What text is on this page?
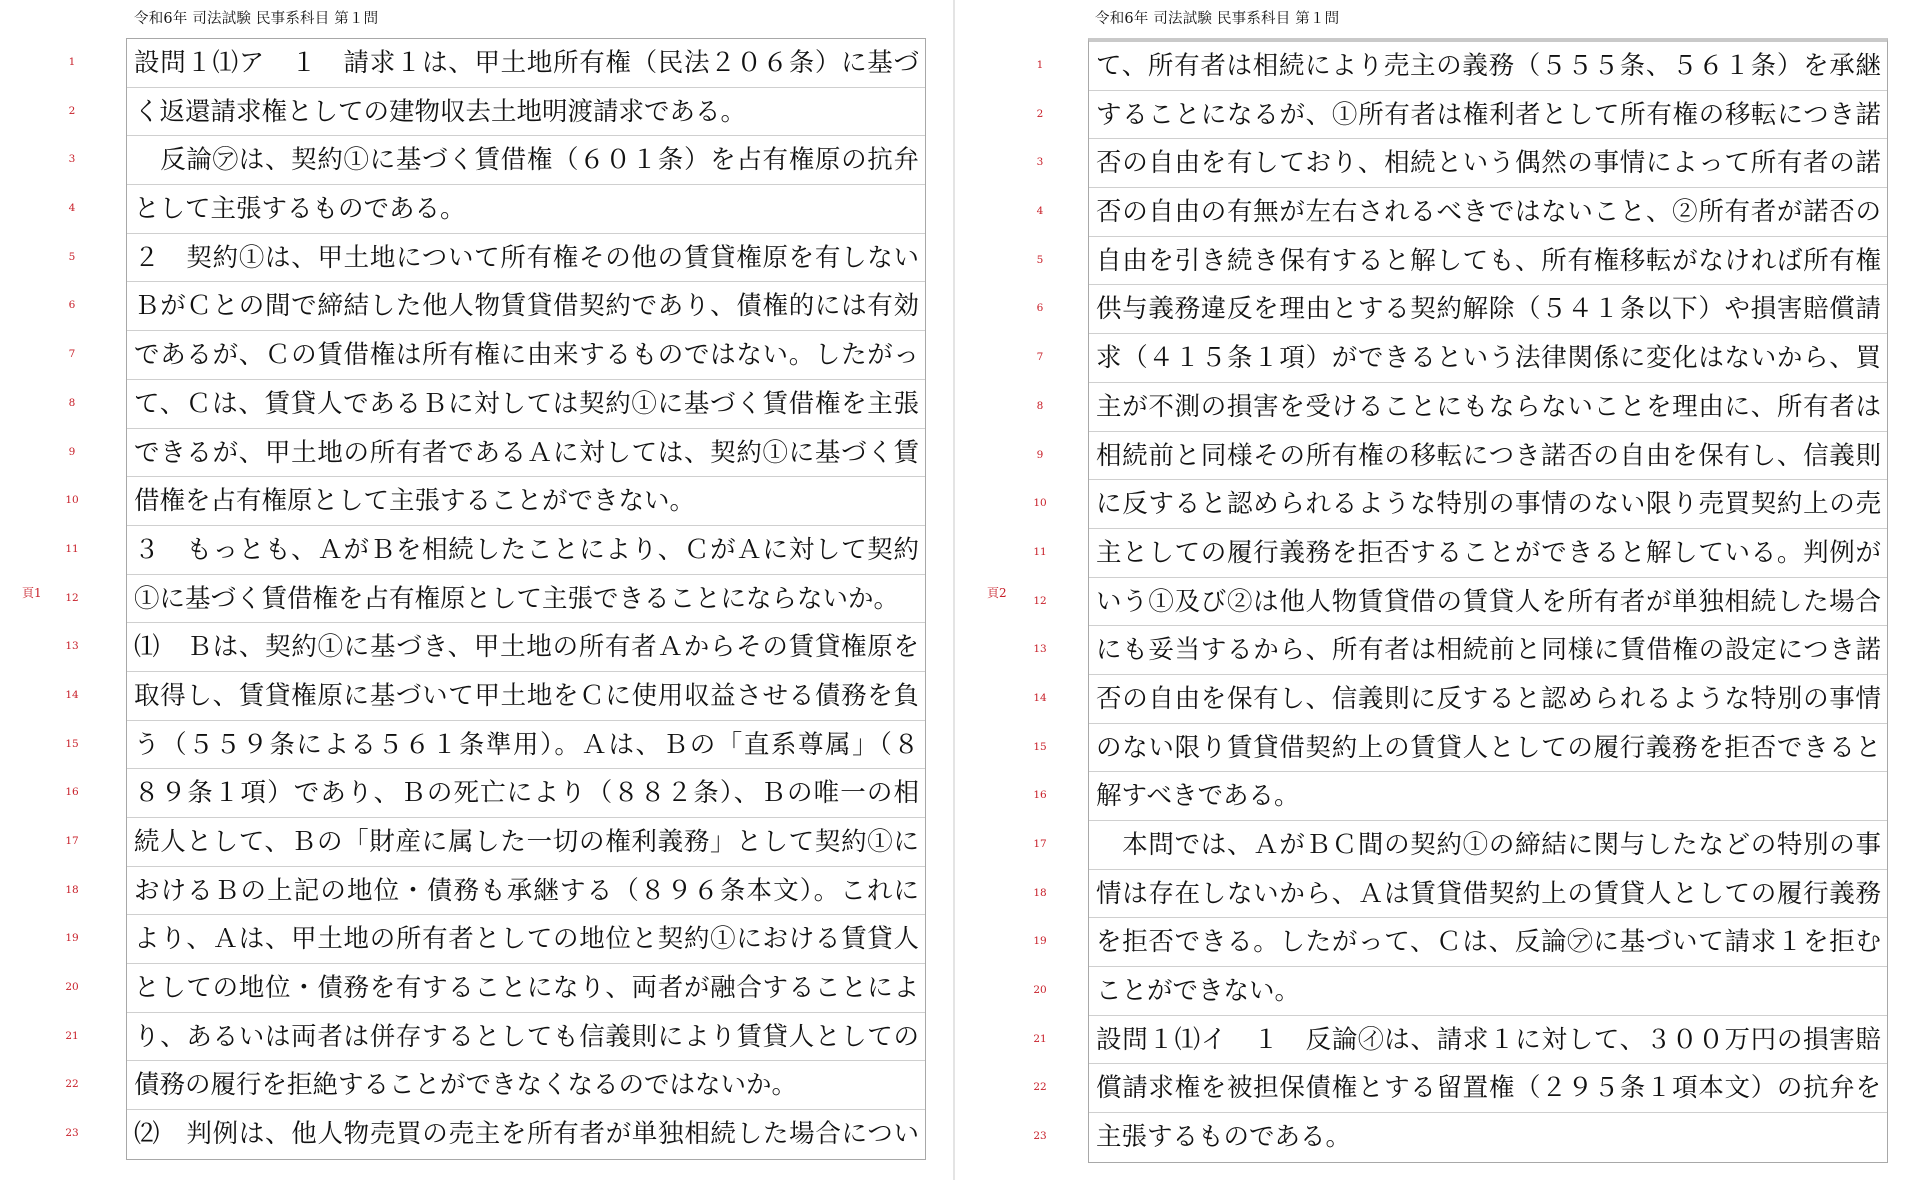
令和6年 司法試験 民事系科目 第１問
頁1
1	設問１⑴ア　１　請求１は、甲土地所有権（民法２０６条）に基づ
2	く返還請求権としての建物収去土地明渡請求である。
3	　反論㋐は、契約①に基づく賃借権（６０１条）を占有権原の抗弁
4	として主張するものである。
5	２　契約①は、甲土地について所有権その他の賃貸権原を有しない
6	ＢがＣとの間で締結した他人物賃貸借契約であり、債権的には有効
7	であるが、Ｃの賃借権は所有権に由来するものではない。したがっ
8	て、Ｃは、賃貸人であるＢに対しては契約①に基づく賃借権を主張
9	できるが、甲土地の所有者であるＡに対しては、契約①に基づく賃
10 借権を占有権原として主張することができない。
11 ３　もっとも、ＡがＢを相続したことにより、ＣがＡに対して契約
12 ①に基づく賃借権を占有権原として主張できることにならないか。
13 ⑴　Ｂは、契約①に基づき、甲土地の所有者Ａからその賃貸権原を
14 取得し、賃貸権原に基づいて甲土地をＣに使用収益させる債務を負
15 う（５５９条による５６１条準用）。Ａは、Ｂの「直系尊属」（８
16 ８９条１項）であり、Ｂの死亡により（８８２条）、Ｂの唯一の相
17 続人として、Ｂの「財産に属した一切の権利義務」として契約①に
18 おけるＢの上記の地位・債務も承継する（８９６条本文）。これに
19 より、Ａは、甲土地の所有者としての地位と契約①における賃貸人
20 としての地位・債務を有することになり、両者が融合することによ
21 り、あるいは両者は併存するとしても信義則により賃貸人としての
22 債務の履行を拒絶することができなくなるのではないか。
23 ⑵　判例は、他人物売買の売主を所有者が単独相続した場合につい
令和6年 司法試験 民事系科目 第１問
頁2
1	て、所有者は相続により売主の義務（５５５条、５６１条）を承継
2	することになるが、①所有者は権利者として所有権の移転につき諾
3	否の自由を有しており、相続という偶然の事情によって所有者の諾
4	否の自由の有無が左右されるべきではないこと、②所有者が諾否の
5	自由を引き続き保有すると解しても、所有権移転がなければ所有権
6	供与義務違反を理由とする契約解除（５４１条以下）や損害賠償請
7	求（４１５条１項）ができるという法律関係に変化はないから、買
8	主が不測の損害を受けることにもならないことを理由に、所有者は
9	相続前と同様その所有権の移転につき諾否の自由を保有し、信義則
10 に反すると認められるような特別の事情のない限り売買契約上の売
11 主としての履行義務を拒否することができると解している。判例が
12 いう①及び②は他人物賃貸借の賃貸人を所有者が単独相続した場合
13 にも妥当するから、所有者は相続前と同様に賃借権の設定につき諾
14 否の自由を保有し、信義則に反すると認められるような特別の事情
15 のない限り賃貸借契約上の賃貸人としての履行義務を拒否できると
16 解すべきである。
17 　本問では、ＡがＢＣ間の契約①の締結に関与したなどの特別の事
18 情は存在しないから、Ａは賃貸借契約上の賃貸人としての履行義務
19 を拒否できる。したがって、Ｃは、反論㋐に基づいて請求１を拒む
20 ことができない。
21 設問１⑴イ　１　反論㋑は、請求１に対して、３００万円の損害賠
22 償請求権を被担保債権とする留置権（２９５条１項本文）の抗弁を
23 主張するものである。
